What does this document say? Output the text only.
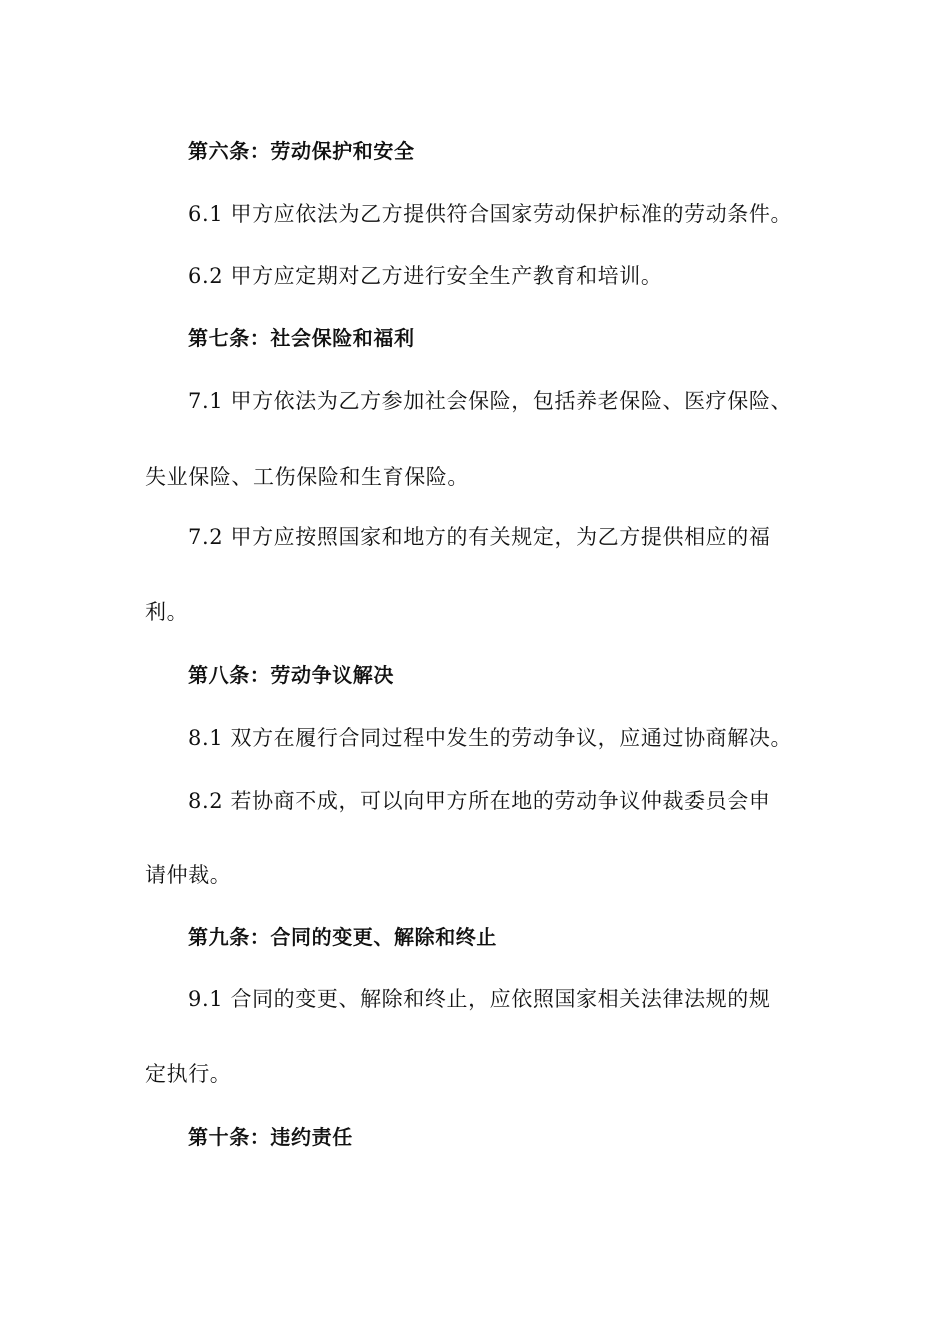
第六条：劳动保护和安全
6.1 甲方应依法为乙方提供符合国家劳动保护标准的劳动条件。
6.2 甲方应定期对乙方进行安全生产教育和培训。
第七条：社会保险和福利
7.1 甲方依法为乙方参加社会保险，包括养老保险、医疗保险、
失业保险、工伤保险和生育保险。
7.2 甲方应按照国家和地方的有关规定，为乙方提供相应的福
利。
第八条：劳动争议解决
8.1 双方在履行合同过程中发生的劳动争议，应通过协商解决。
8.2 若协商不成，可以向甲方所在地的劳动争议仲裁委员会申
请仲裁。
第九条：合同的变更、解除和终止
9.1 合同的变更、解除和终止，应依照国家相关法律法规的规
定执行。
第十条：违约责任
